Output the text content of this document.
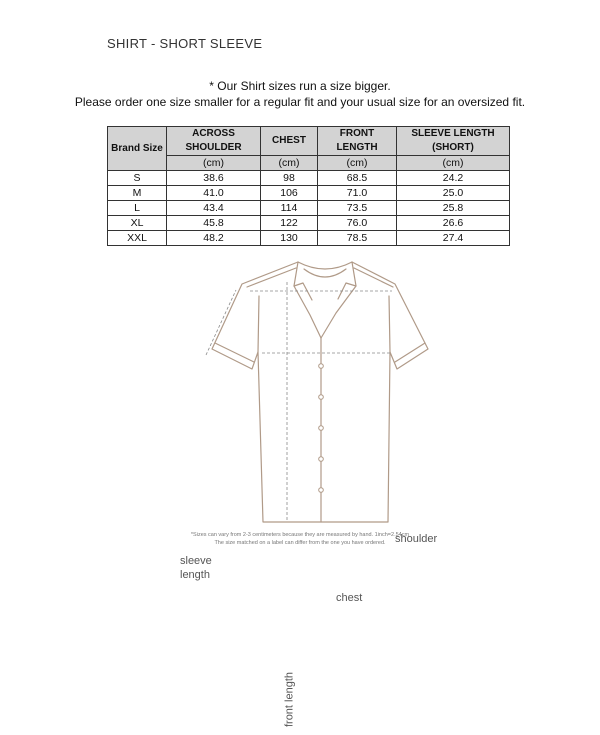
SHIRT - SHORT SLEEVE
* Our Shirt sizes run a size bigger.
Please order one size smaller for a regular fit and your usual size for an oversized fit.
Brand Size	ACROSS SHOULDER	CHEST	FRONT LENGTH	SLEEVE LENGTH (SHORT)
	(cm)	(cm)	(cm)	(cm)
S	38.6	98	68.5	24.2
M	41.0	106	71.0	25.0
L	43.4	114	73.5	25.8
XL	45.8	122	76.0	26.6
XXL	48.2	130	78.5	27.4
shoulder
sleeve
length
chest
front length
*Sizes can vary from 2-3 centimeters because they are measured by hand. 1inch=2.54cm
The size matched on a label can differ from the one you have ordered.
